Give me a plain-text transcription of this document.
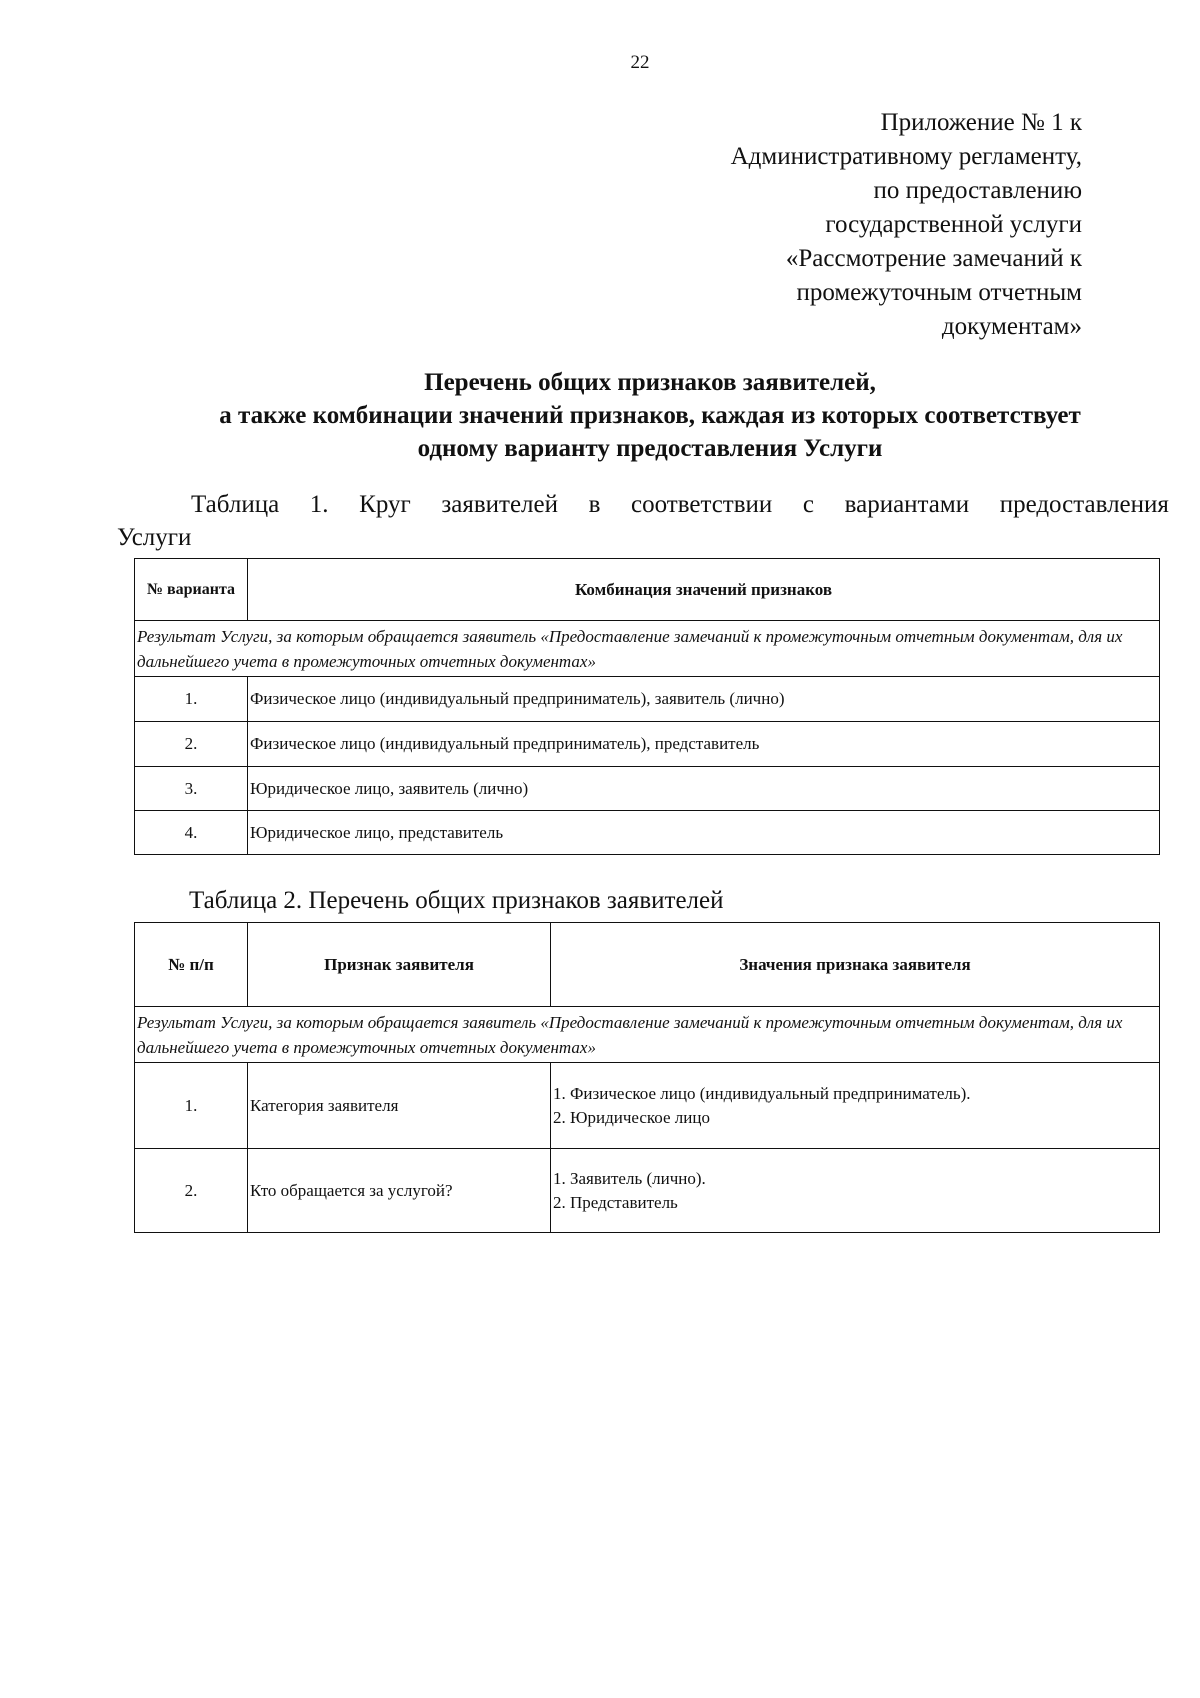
22
Приложение № 1 к
Административному регламенту,
по предоставлению
государственной услуги
«Рассмотрение замечаний к
промежуточным отчетным
документам»
Перечень общих признаков заявителей,
а также комбинации значений признаков, каждая из которых соответствует
одному варианту предоставления Услуги
Таблица 1. Круг заявителей в соответствии с вариантами предоставления
Услуги
№ варианта	Комбинация значений признаков
Результат Услуги, за которым обращается заявитель «Предоставление замечаний к промежуточным отчетным документам, для их дальнейшего учета в промежуточных отчетных документах»	
1.	Физическое лицо (индивидуальный предприниматель), заявитель (лично)
2.	Физическое лицо (индивидуальный предприниматель), представитель
3.	Юридическое лицо, заявитель (лично)
4.	Юридическое лицо, представитель
Таблица 2. Перечень общих признаков заявителей
№ п/п	Признак заявителя	Значения признака заявителя
Результат Услуги, за которым обращается заявитель «Предоставление замечаний к промежуточным отчетным документам, для их дальнейшего учета в промежуточных отчетных документах»		
1.	Категория заявителя	1. Физическое лицо (индивидуальный предприниматель).
2. Юридическое лицо

2.	Кто обращается за услугой?	1. Заявитель (лично).
2. Представитель
